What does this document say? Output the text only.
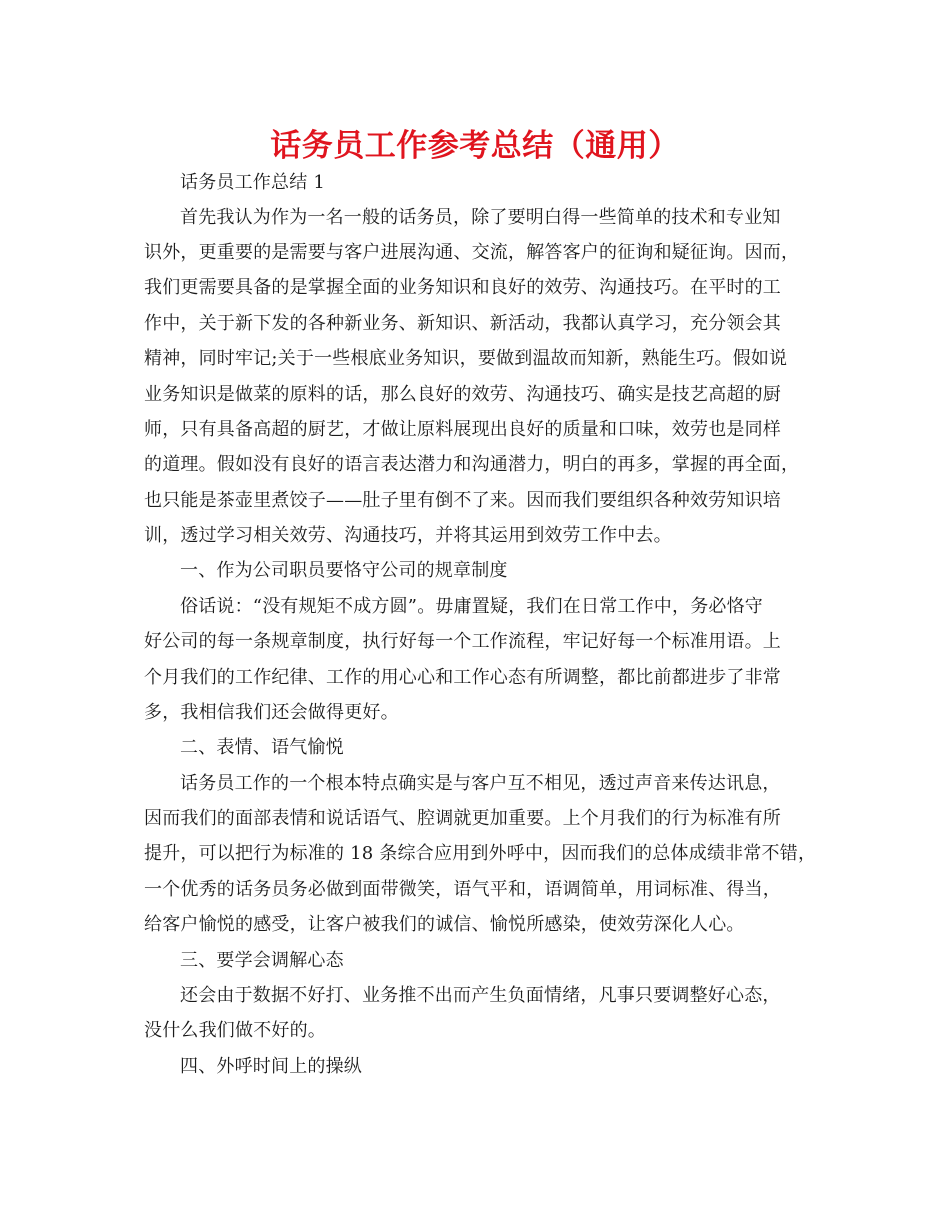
话务员工作参考总结（通用）
话务员工作总结 1
首先我认为作为一名一般的话务员，除了要明白得一些简单的技术和专业知
识外，更重要的是需要与客户进展沟通、交流，解答客户的征询和疑征询。因而，
我们更需要具备的是掌握全面的业务知识和良好的效劳、沟通技巧。在平时的工
作中，关于新下发的各种新业务、新知识、新活动，我都认真学习，充分领会其
精神，同时牢记;关于一些根底业务知识，要做到温故而知新，熟能生巧。假如说
业务知识是做菜的原料的话，那么良好的效劳、沟通技巧、确实是技艺高超的厨
师，只有具备高超的厨艺，才做让原料展现出良好的质量和口味，效劳也是同样
的道理。假如没有良好的语言表达潜力和沟通潜力，明白的再多，掌握的再全面，
也只能是茶壶里煮饺子——肚子里有倒不了来。因而我们要组织各种效劳知识培
训，透过学习相关效劳、沟通技巧，并将其运用到效劳工作中去。
一、作为公司职员要恪守公司的规章制度
俗话说：“没有规矩不成方圆”。毋庸置疑，我们在日常工作中，务必恪守
好公司的每一条规章制度，执行好每一个工作流程，牢记好每一个标准用语。上
个月我们的工作纪律、工作的用心心和工作心态有所调整，都比前都进步了非常
多，我相信我们还会做得更好。
二、表情、语气愉悦
话务员工作的一个根本特点确实是与客户互不相见，透过声音来传达讯息，
因而我们的面部表情和说话语气、腔调就更加重要。上个月我们的行为标准有所
提升，可以把行为标准的 18 条综合应用到外呼中，因而我们的总体成绩非常不错，
一个优秀的话务员务必做到面带微笑，语气平和，语调简单，用词标准、得当，
给客户愉悦的感受，让客户被我们的诚信、愉悦所感染，使效劳深化人心。
三、要学会调解心态
还会由于数据不好打、业务推不出而产生负面情绪，凡事只要调整好心态，
没什么我们做不好的。
四、外呼时间上的操纵
